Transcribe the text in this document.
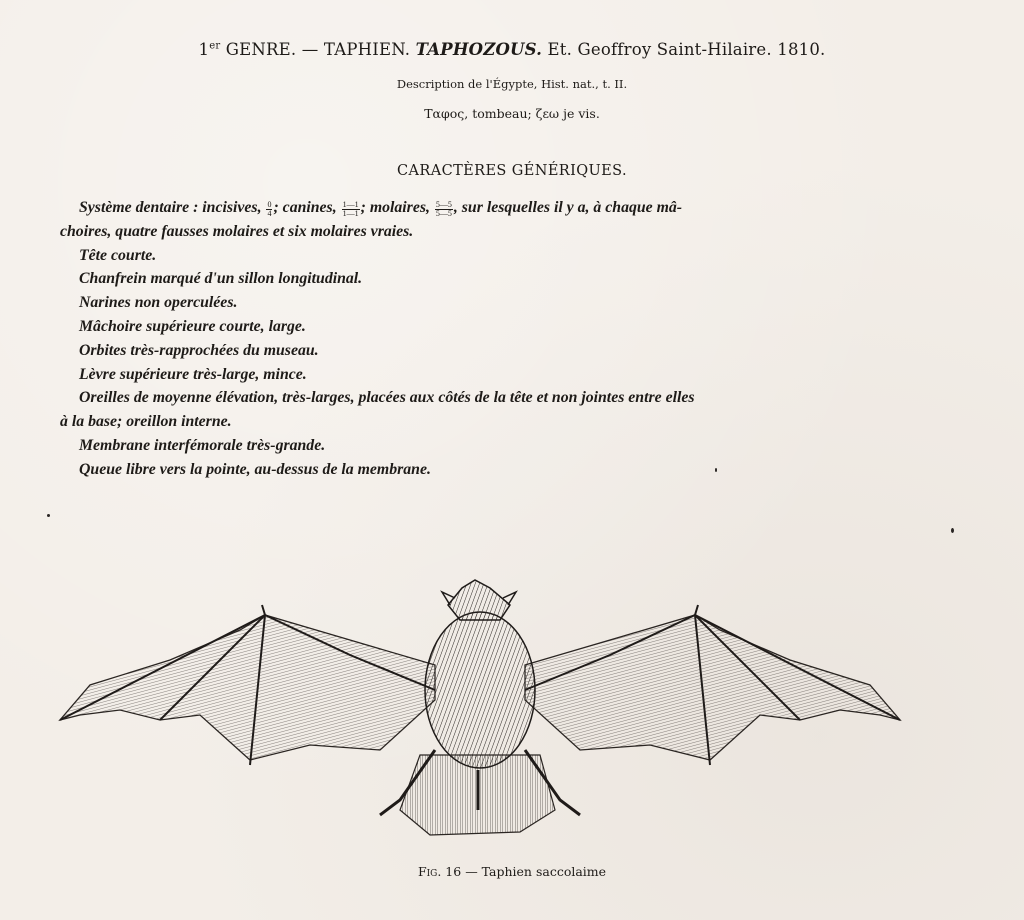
1er GENRE. — TAPHIEN. TAPHOZOUS. Et. Geoffroy Saint-Hilaire. 1810.
Description de l'Égypte, Hist. nat., t. II.
Ταφος, tombeau; ζεω je vis.
CARACTÈRES GÉNÉRIQUES.
Système dentaire : incisives, $\frac{0}{4}$ ; canines, $\frac{1—1}{1—1}$ ; molaires, $\frac{5—5}{5—5}$ , sur lesquelles il y a, à chaque mâ-
choires, quatre fausses molaires et six molaires vraies.
Tête courte.
Chanfrein marqué d'un sillon longitudinal.
Narines non operculées.
Mâchoire supérieure courte, large.
Orbites très-rapprochées du museau.
Lèvre supérieure très-large, mince.
Oreilles de moyenne élévation, très-larges, placées aux côtés de la tête et non jointes entre elles
à la base; oreillon interne.
Membrane interfémorale très-grande.
Queue libre vers la pointe, au-dessus de la membrane.
Fig. 16 — Taphien saccolaime
